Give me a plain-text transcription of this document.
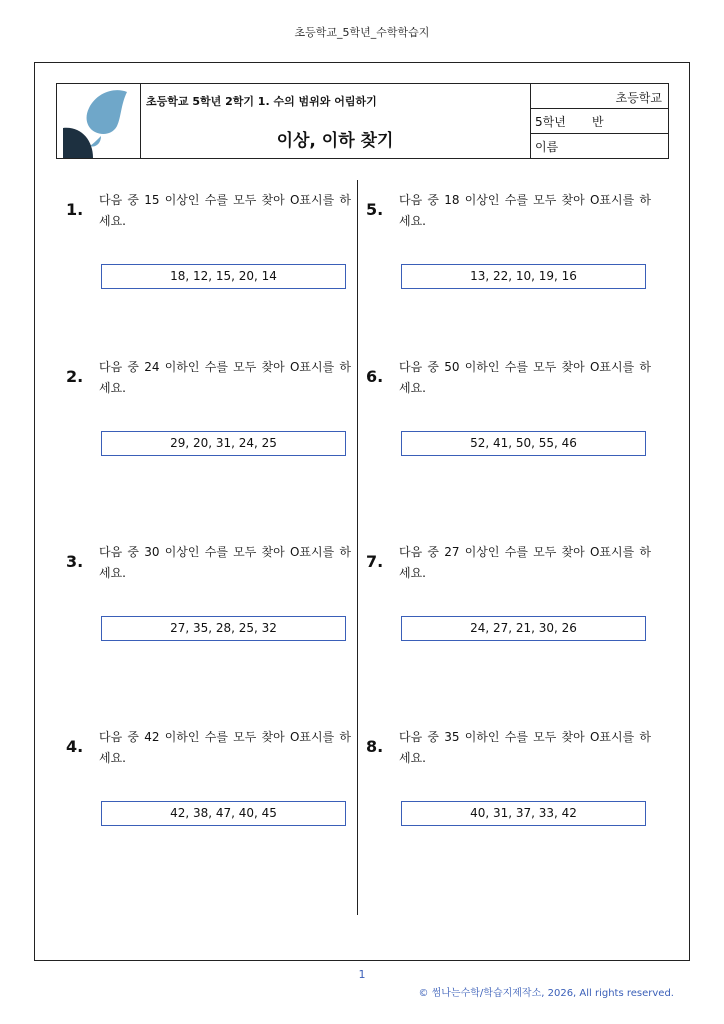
초등학교_5학년_수학학습지
초등학교 5학년 2학기 1. 수의 범위와 어림하기
이상, 이하 찾기
초등학교
5학년 반
이름
1. 다음 중 15 이상인 수를 모두 찾아 O표시를 하세요.
18, 12, 15, 20, 14
2. 다음 중 24 이하인 수를 모두 찾아 O표시를 하세요.
29, 20, 31, 24, 25
3. 다음 중 30 이상인 수를 모두 찾아 O표시를 하세요.
27, 35, 28, 25, 32
4. 다음 중 42 이하인 수를 모두 찾아 O표시를 하세요.
42, 38, 47, 40, 45
5. 다음 중 18 이상인 수를 모두 찾아 O표시를 하세요.
13, 22, 10, 19, 16
6. 다음 중 50 이하인 수를 모두 찾아 O표시를 하세요.
52, 41, 50, 55, 46
7. 다음 중 27 이상인 수를 모두 찾아 O표시를 하세요.
24, 27, 21, 30, 26
8. 다음 중 35 이하인 수를 모두 찾아 O표시를 하세요.
40, 31, 37, 33, 42
1
© 썸나는수학/학습지제작소, 2026, All rights reserved.
